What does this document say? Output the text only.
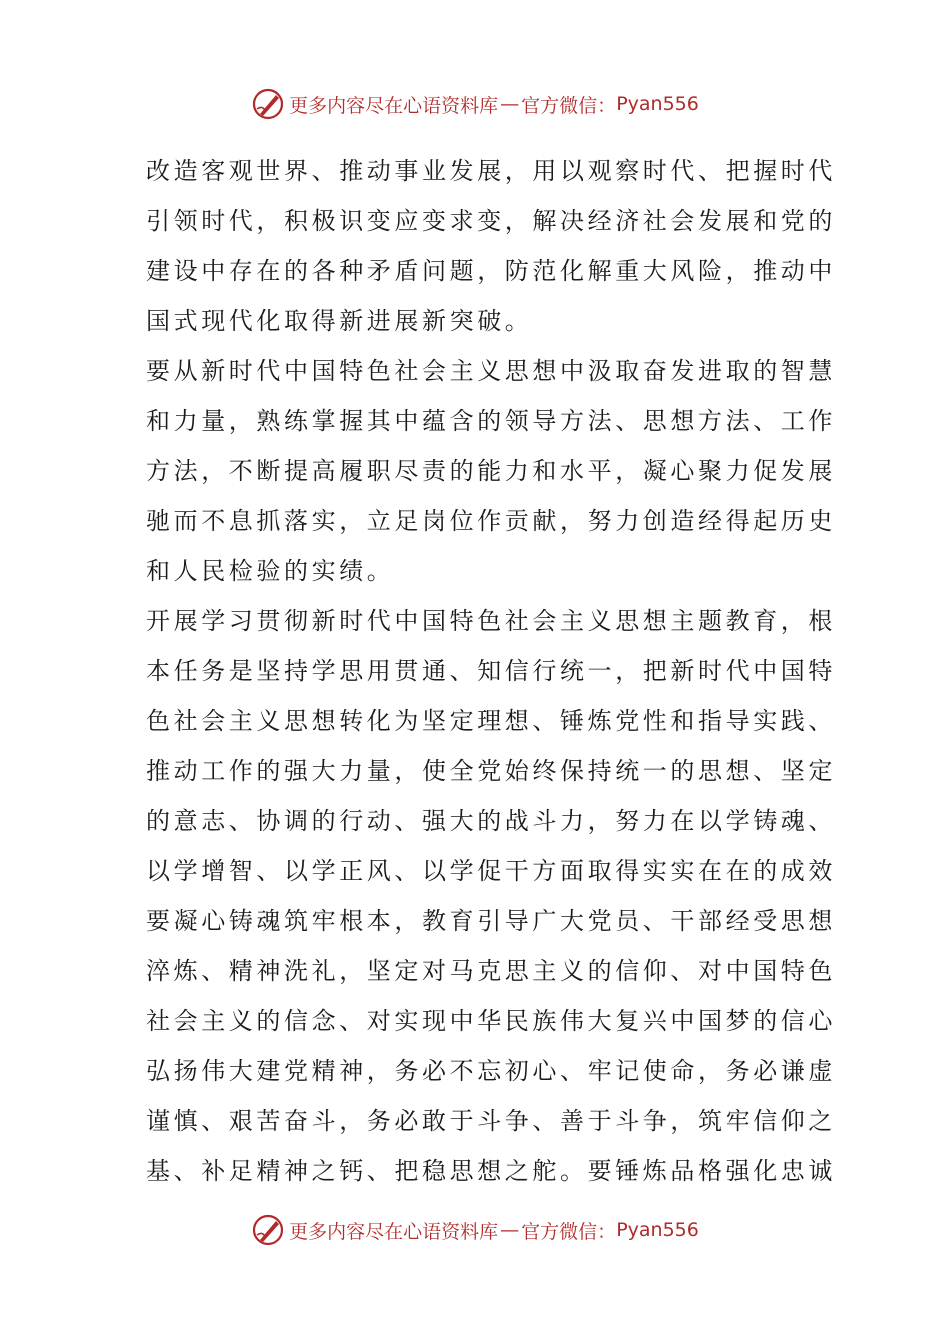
更多内容尽在心语资料库 — 官方微信： Pyan556
改造客观世界、推动事业发展，用以观察时代、把握时代
引领时代，积极识变应变求变，解决经济社会发展和党的
建设中存在的各种矛盾问题，防范化解重大风险，推动中
国式现代化取得新进展新突破。
要从新时代中国特色社会主义思想中汲取奋发进取的智慧
和力量，熟练掌握其中蕴含的领导方法、思想方法、工作
方法，不断提高履职尽责的能力和水平，凝心聚力促发展
驰而不息抓落实，立足岗位作贡献，努力创造经得起历史
和人民检验的实绩。
开展学习贯彻新时代中国特色社会主义思想主题教育，根
本任务是坚持学思用贯通、知信行统一，把新时代中国特
色社会主义思想转化为坚定理想、锤炼党性和指导实践、
推动工作的强大力量，使全党始终保持统一的思想、坚定
的意志、协调的行动、强大的战斗力，努力在以学铸魂、
以学增智、以学正风、以学促干方面取得实实在在的成效
要凝心铸魂筑牢根本，教育引导广大党员、干部经受思想
淬炼、精神洗礼，坚定对马克思主义的信仰、对中国特色
社会主义的信念、对实现中华民族伟大复兴中国梦的信心
弘扬伟大建党精神，务必不忘初心、牢记使命，务必谦虚
谨慎、艰苦奋斗，务必敢于斗争、善于斗争，筑牢信仰之
基、补足精神之钙、把稳思想之舵。要锤炼品格强化忠诚
更多内容尽在心语资料库 — 官方微信： Pyan556
